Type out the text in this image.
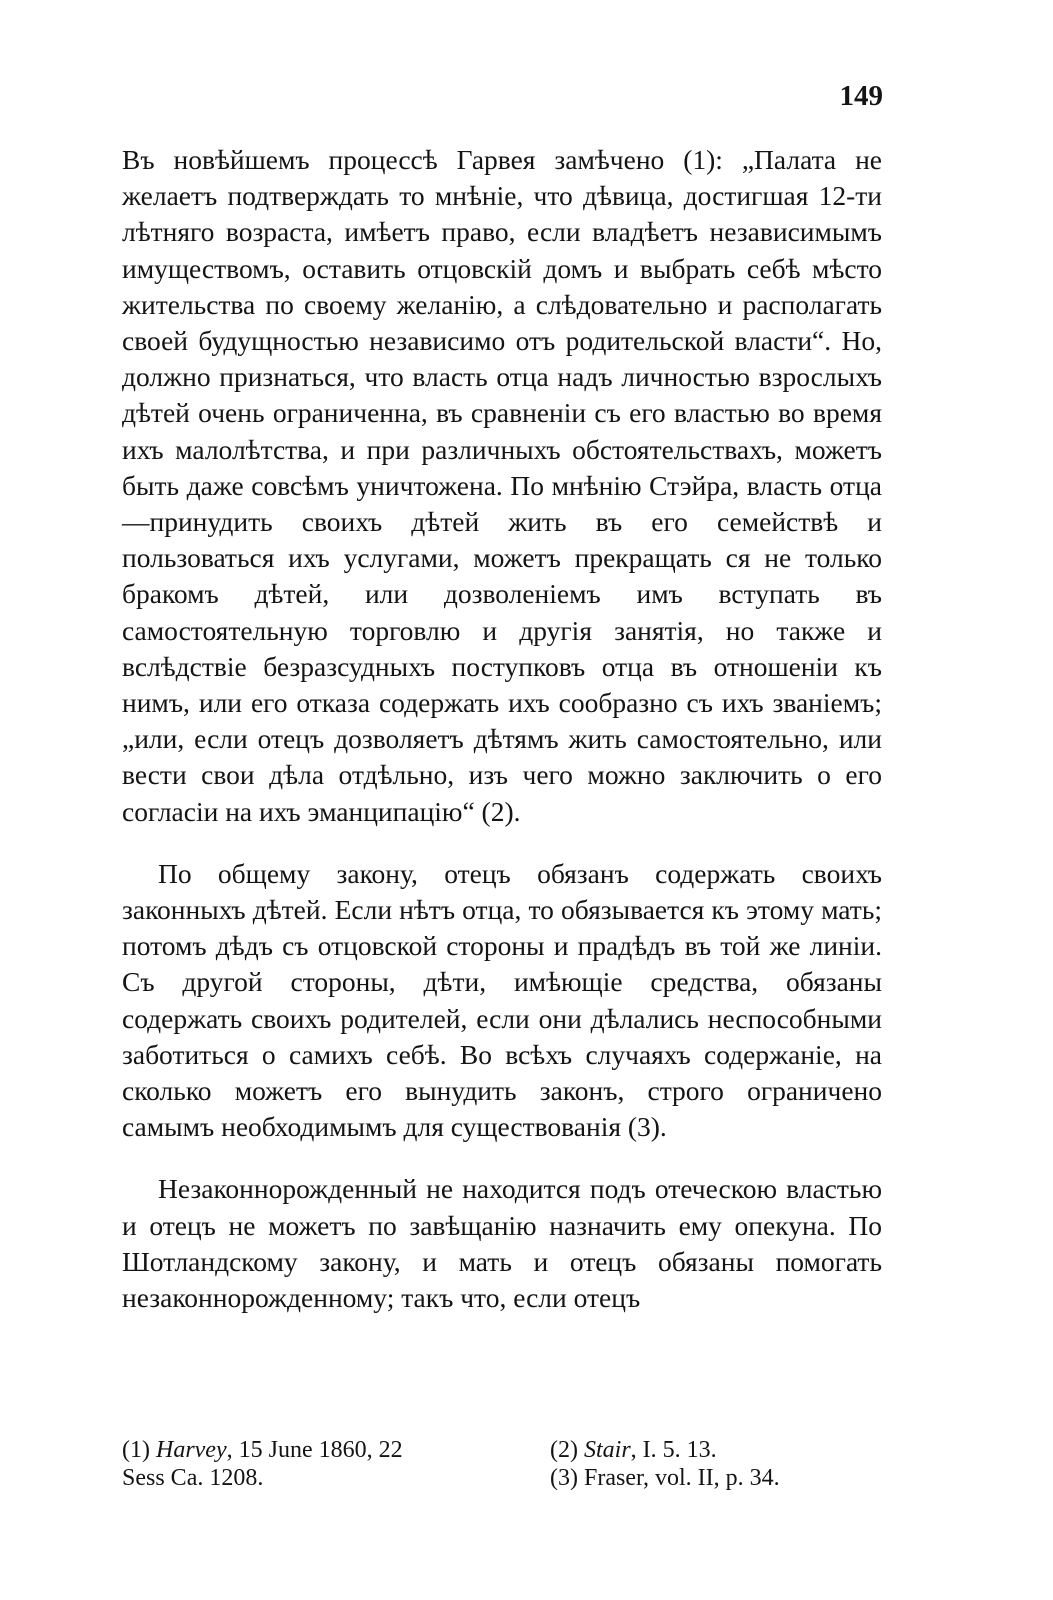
149

Въ новѣйшемъ процессѣ Гарвея замѣчено (1): „Палата не желаетъ подтверждать то мнѣніе, что дѣвица, достигшая 12-ти лѣтняго возраста, имѣетъ право, если владѣетъ независимымъ имуществомъ, оставить отцовскій домъ и выбрать себѣ мѣсто жительства по своему желанію, а слѣдовательно и располагать своей будущностью независимо отъ родительской власти“. Но, должно признаться, что власть отца надъ личностью взрослыхъ дѣтей очень ограниченна, въ сравненіи съ его властью во время ихъ малолѣтства, и при различныхъ обстоятельствахъ, можетъ быть даже совсѣмъ уничтожена. По мнѣнію Стэйра, власть отца—принудить своихъ дѣтей жить въ его семействѣ и пользоваться ихъ услугами, можетъ прекращать ся не только бракомъ дѣтей, или дозволеніемъ имъ вступать въ самостоятельную торговлю и другія занятія, но также и вслѣдствіе безразсудныхъ поступковъ отца въ отношеніи къ нимъ, или его отказа содержать ихъ сообразно съ ихъ званіемъ; „или, если отецъ дозволяетъ дѣтямъ жить самостоятельно, или вести свои дѣла отдѣльно, изъ чего можно заключить о его согласіи на ихъ эманципацію“ (2).

По общему закону, отецъ обязанъ содержать своихъ законныхъ дѣтей. Если нѣтъ отца, то обязывается къ этому мать; потомъ дѣдъ съ отцовской стороны и прадѣдъ въ той же линіи. Съ другой стороны, дѣти, имѣющіе средства, обязаны содержать своихъ родителей, если они дѣлались неспособными заботиться о самихъ себѣ. Во всѣхъ случаяхъ содержаніе, на сколько можетъ его вынудить законъ, строго ограничено самымъ необходимымъ для существованія (3).

Незаконнорожденный не находится подъ отеческою властью и отецъ не можетъ по завѣщанію назначить ему опекуна. По Шотландскому закону, и мать и отецъ обязаны помогать незаконнорожденному; такъ что, если отецъ

(1) Harvey, 15 June 1860, 22
Sess Ca. 1208.
(2) Stair, I. 5. 13.
(3) Fraser, vol. II, p. 34.
